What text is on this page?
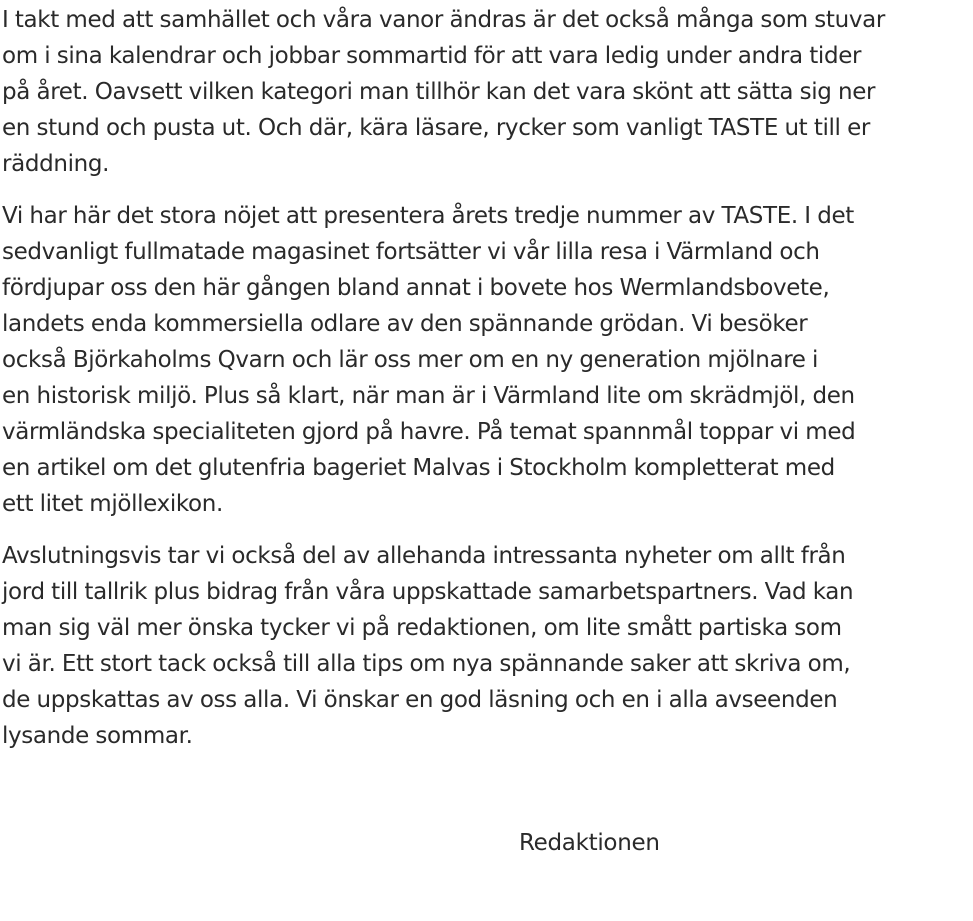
I takt med att samhället och våra vanor ändras är det också många som stuvar
om i sina kalendrar och jobbar sommartid för att vara ledig under andra tider
på året. Oavsett vilken kategori man tillhör kan det vara skönt att sätta sig ner
en stund och pusta ut. Och där, kära läsare, rycker som vanligt TASTE ut till er
räddning.

Vi har här det stora nöjet att presentera årets tredje nummer av TASTE. I det
sedvanligt fullmatade magasinet fortsätter vi vår lilla resa i Värmland och
fördjupar oss den här gången bland annat i bovete hos Wermlandsbovete,
landets enda kommersiella odlare av den spännande grödan. Vi besöker
också Björkaholms Qvarn och lär oss mer om en ny generation mjölnare i
en historisk miljö. Plus så klart, när man är i Värmland lite om skrädmjöl, den
värmländska specialiteten gjord på havre. På temat spannmål toppar vi med
en artikel om det glutenfria bageriet Malvas i Stockholm kompletterat med
ett litet mjöllexikon.

Avslutningsvis tar vi också del av allehanda intressanta nyheter om allt från
jord till tallrik plus bidrag från våra uppskattade samarbetspartners. Vad kan
man sig väl mer önska tycker vi på redaktionen, om lite smått partiska som
vi är. Ett stort tack också till alla tips om nya spännande saker att skriva om,
de uppskattas av oss alla. Vi önskar en god läsning och en i alla avseenden
lysande sommar.

Redaktionen
